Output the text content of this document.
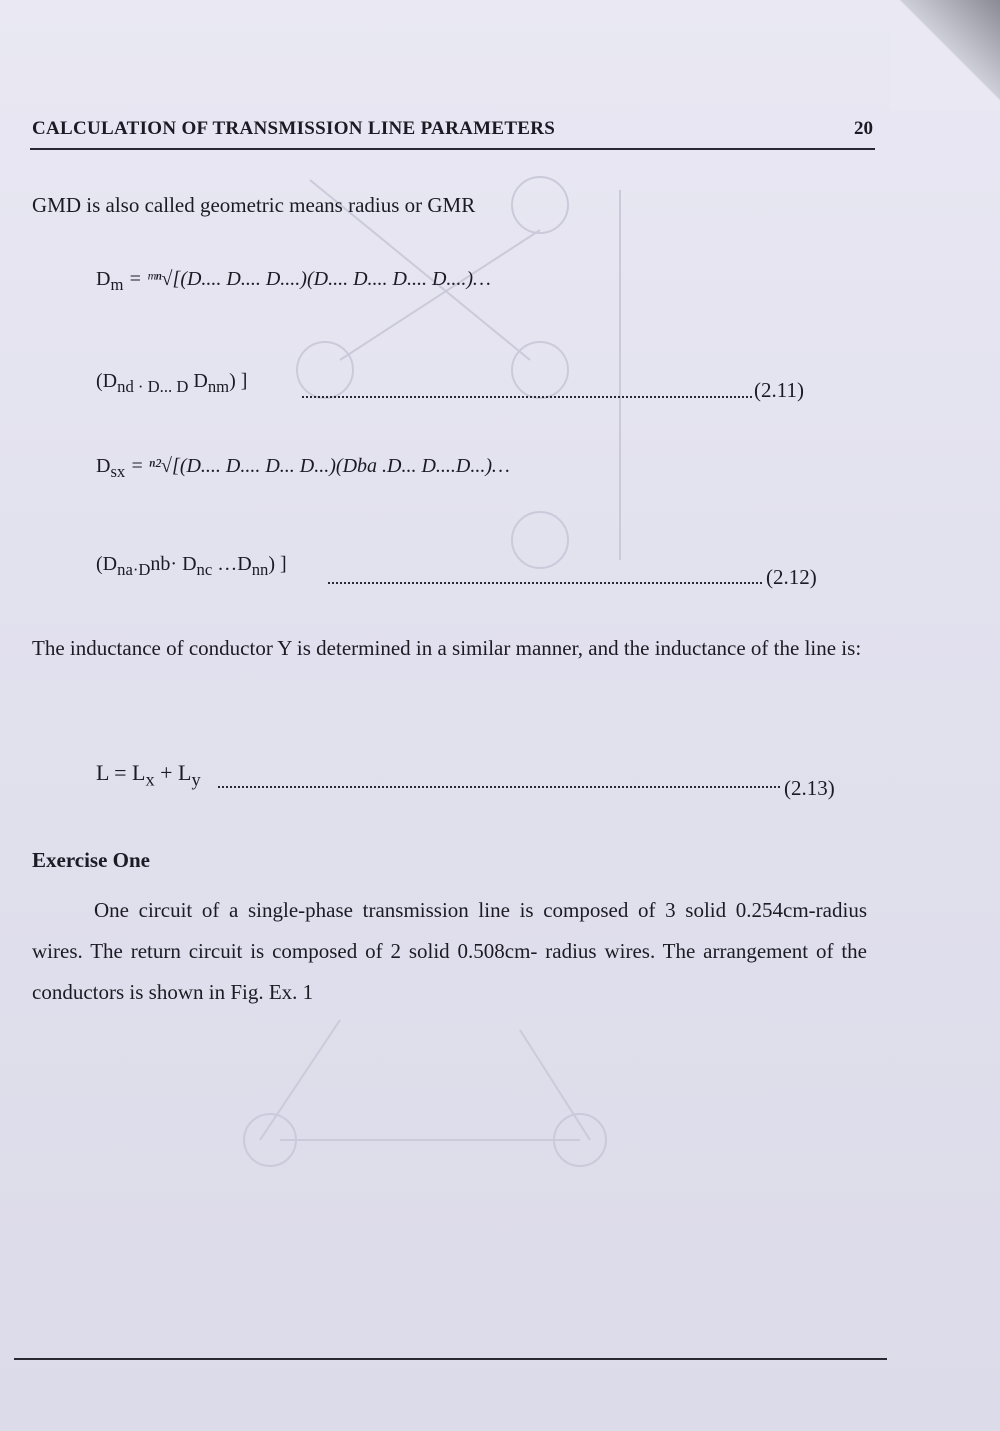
CALCULATION OF TRANSMISSION LINE PARAMETERS	20
GMD is also called geometric means radius or GMR
$D_m$ = ᵐⁿ√[(D.... D.... D....)(D.... D.... D.... D....)…
($D_{nd \cdot D... D}$ $D_{nm}$) ]	(2.11)
$D_{sx} = ^{n2}√[(D$.... D.... D... D...)(Dba .D... D....D...)…
($D_{na\cdot D}nb\cdot D_{nc}$ $\dots D_{nn}$) ]
(2.12)
The inductance of conductor Y is determined in a similar manner, and the inductance of the line is:
$L = L_x + L_y$	(2.13)
Exercise One
One circuit of a single-phase transmission line is composed of 3 solid 0.254cm-radius wires. The return circuit is composed of 2 solid 0.508cm- radius wires. The arrangement of the conductors is shown in Fig. Ex. 1
